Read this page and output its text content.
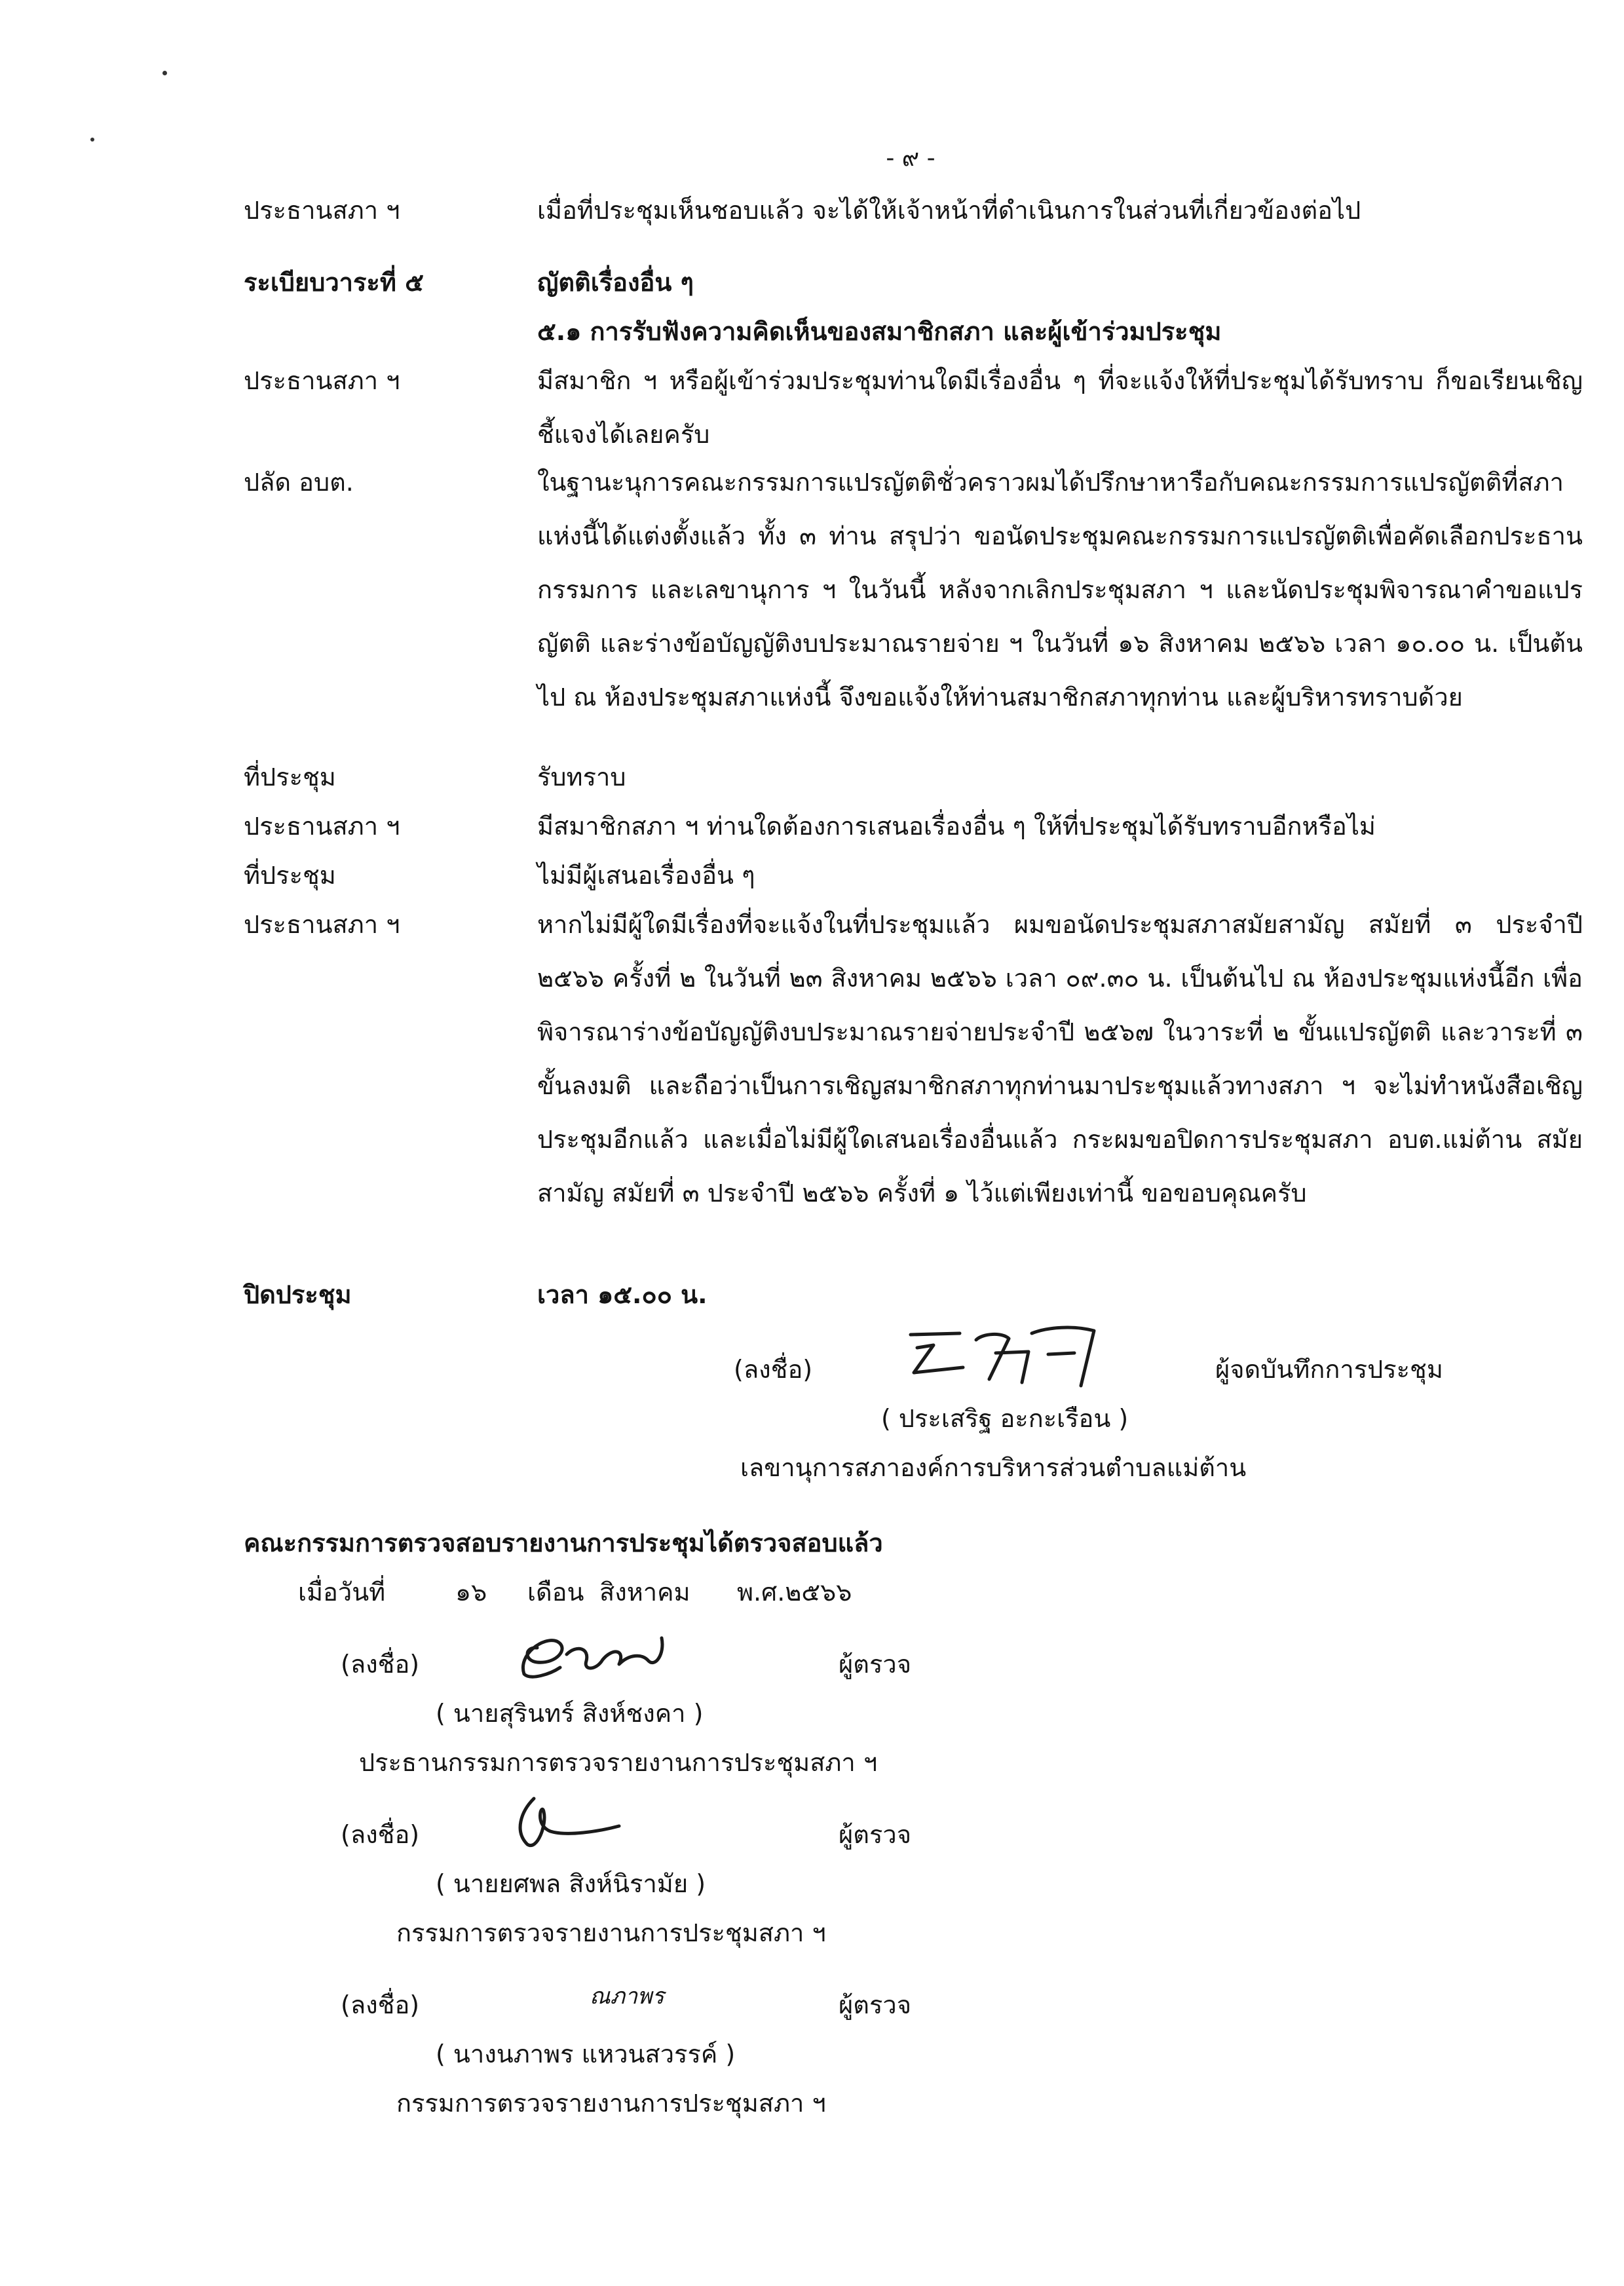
- ๙ -
ประธานสภา ฯ	เมื่อที่ประชุมเห็นชอบแล้ว จะได้ให้เจ้าหน้าที่ดำเนินการในส่วนที่เกี่ยวข้องต่อไป
ระเบียบวาระที่ ๕	ญัตติเรื่องอื่น ๆ
๕.๑ การรับฟังความคิดเห็นของสมาชิกสภา และผู้เข้าร่วมประชุม
ประธานสภา ฯ	มีสมาชิก ฯ หรือผู้เข้าร่วมประชุมท่านใดมีเรื่องอื่น ๆ ที่จะแจ้งให้ที่ประชุมได้รับทราบ ก็ขอเรียนเชิญชี้แจงได้เลยครับ
ปลัด อบต.	ในฐานะนุการคณะกรรมการแปรญัตติชั่วคราวผมได้ปรึกษาหารือกับคณะกรรมการแปรญัตติที่สภาแห่งนี้ได้แต่งตั้งแล้ว ทั้ง ๓ ท่าน สรุปว่า ขอนัดประชุมคณะกรรมการแปรญัตติเพื่อคัดเลือกประธานกรรมการ และเลขานุการ ฯ ในวันนี้ หลังจากเลิกประชุมสภา ฯ และนัดประชุมพิจารณาคำขอแปรญัตติ และร่างข้อบัญญัติงบประมาณรายจ่าย ฯ ในวันที่ ๑๖ สิงหาคม ๒๕๖๖ เวลา ๑๐.๐๐ น. เป็นต้นไป ณ ห้องประชุมสภาแห่งนี้ จึงขอแจ้งให้ท่านสมาชิกสภาทุกท่าน และผู้บริหารทราบด้วย
ที่ประชุม	รับทราบ
ประธานสภา ฯ	มีสมาชิกสภา ฯ ท่านใดต้องการเสนอเรื่องอื่น ๆ ให้ที่ประชุมได้รับทราบอีกหรือไม่
ที่ประชุม	ไม่มีผู้เสนอเรื่องอื่น ๆ
ประธานสภา ฯ	หากไม่มีผู้ใดมีเรื่องที่จะแจ้งในที่ประชุมแล้ว ผมขอนัดประชุมสภาสมัยสามัญ สมัยที่ ๓ ประจำปี ๒๕๖๖ ครั้งที่ ๒ ในวันที่ ๒๓ สิงหาคม ๒๕๖๖ เวลา ๐๙.๓๐ น. เป็นต้นไป ณ ห้องประชุมแห่งนี้อีก เพื่อพิจารณาร่างข้อบัญญัติงบประมาณรายจ่ายประจำปี ๒๕๖๗ ในวาระที่ ๒ ขั้นแปรญัตติ และวาระที่ ๓ ขั้นลงมติ และถือว่าเป็นการเชิญสมาชิกสภาทุกท่านมาประชุมแล้วทางสภา ฯ จะไม่ทำหนังสือเชิญประชุมอีกแล้ว และเมื่อไม่มีผู้ใดเสนอเรื่องอื่นแล้ว กระผมขอปิดการประชุมสภา อบต.แม่ต้าน สมัยสามัญ สมัยที่ ๓ ประจำปี ๒๕๖๖ ครั้งที่ ๑ ไว้แต่เพียงเท่านี้ ขอขอบคุณครับ
ปิดประชุม	เวลา ๑๕.๐๐ น.
(ลงชื่อ)	ผู้จดบันทึกการประชุม
( ประเสริฐ อะกะเรือน )
เลขานุการสภาองค์การบริหารส่วนตำบลแม่ต้าน
คณะกรรมการตรวจสอบรายงานการประชุมได้ตรวจสอบแล้ว
เมื่อวันที่	๑๖ เดือน สิงหาคม พ.ศ.๒๕๖๖
(ลงชื่อ)	ผู้ตรวจ
( นายสุรินทร์ สิงห์ชงคา )
ประธานกรรมการตรวจรายงานการประชุมสภา ฯ
(ลงชื่อ)	ผู้ตรวจ
( นายยศพล สิงห์นิรามัย )
กรรมการตรวจรายงานการประชุมสภา ฯ
(ลงชื่อ)	ณภาพร	ผู้ตรวจ
( นางนภาพร แหวนสวรรค์ )
กรรมการตรวจรายงานการประชุมสภา ฯ
